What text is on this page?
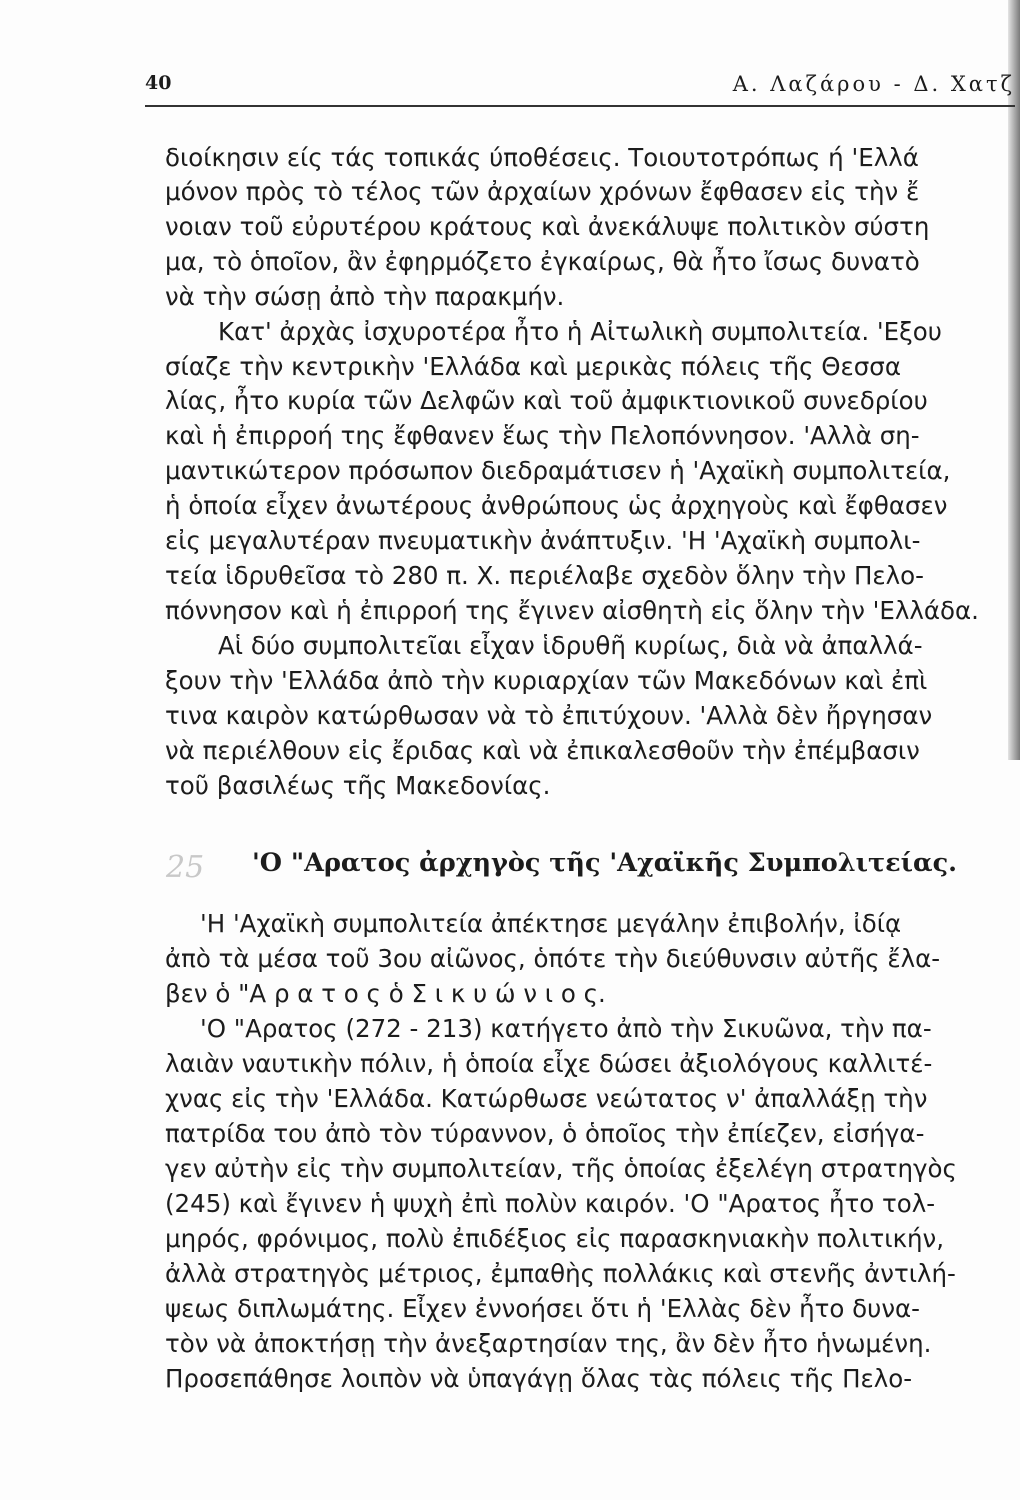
40	Α. Λαζάρου - Δ. Χατζ
διοίκησιν είς τάς τοπικάς ύποθέσεις. Τοιουτοτρόπως ή 'Ελλά
μόνον πρὸς τὸ τέλος τῶν ἀρχαίων χρόνων ἔφθασεν εἰς τὴν ἔ
νοιαν τοῦ εὐρυτέρου κράτους καὶ ἀνεκάλυψε πολιτικὸν σύστη
μα, τὸ ὁποῖον, ἂν ἐφηρμόζετο ἐγκαίρως, θὰ ἦτο ἴσως δυνατὸ
νὰ τὴν σώσῃ ἀπὸ τὴν παρακμήν.
Κατ' ἀρχὰς ἰσχυροτέρα ἦτο ἡ Αἰτωλικὴ συμπολιτεία. 'Εξου
σίαζε τὴν κεντρικὴν 'Ελλάδα καὶ μερικὰς πόλεις τῆς Θεσσα
λίας, ἦτο κυρία τῶν Δελφῶν καὶ τοῦ ἀμφικτιονικοῦ συνεδρίου
καὶ ἡ ἐπιρροή της ἔφθανεν ἕως τὴν Πελοπόννησον. 'Αλλὰ ση-
μαντικώτερον πρόσωπον διεδραμάτισεν ἡ 'Αχαϊκὴ συμπολιτεία,
ἡ ὁποία εἶχεν ἀνωτέρους ἀνθρώπους ὡς ἀρχηγοὺς καὶ ἔφθασεν
εἰς μεγαλυτέραν πνευματικὴν ἀνάπτυξιν. 'Η 'Αχαϊκὴ συμπολι-
τεία ἱδρυθεῖσα τὸ 280 π. Χ. περιέλαβε σχεδὸν ὅλην τὴν Πελο-
πόννησον καὶ ἡ ἐπιρροή της ἔγινεν αἰσθητὴ εἰς ὅλην τὴν 'Ελλάδα.
Αἱ δύο συμπολιτεῖαι εἶχαν ἱδρυθῆ κυρίως, διὰ νὰ ἀπαλλά-
ξουν τὴν 'Ελλάδα ἀπὸ τὴν κυριαρχίαν τῶν Μακεδόνων καὶ ἐπὶ
τινα καιρὸν κατώρθωσαν νὰ τὸ ἐπιτύχουν. 'Αλλὰ δὲν ἤργησαν
νὰ περιέλθουν εἰς ἔριδας καὶ νὰ ἐπικαλεσθοῦν τὴν ἐπέμβασιν
τοῦ βασιλέως τῆς Μακεδονίας.
25 'Ο "Αρατος ἀρχηγὸς τῆς 'Αχαϊκῆς Συμπολιτείας.
'Η 'Αχαϊκὴ συμπολιτεία ἀπέκτησε μεγάλην ἐπιβολήν, ἰδίᾳ
ἀπὸ τὰ μέσα τοῦ 3ου αἰῶνος, ὁπότε τὴν διεύθυνσιν αὐτῆς ἔλα-
βεν ὁ "Α ρ α τ ο ς ὁ Σ ι κ υ ώ ν ι ο ς.
'Ο "Αρατος (272 - 213) κατήγετο ἀπὸ τὴν Σικυῶνα, τὴν πα-
λαιὰν ναυτικὴν πόλιν, ἡ ὁποία εἶχε δώσει ἀξιολόγους καλλιτέ-
χνας εἰς τὴν 'Ελλάδα. Κατώρθωσε νεώτατος ν' ἀπαλλάξῃ τὴν
πατρίδα του ἀπὸ τὸν τύραννον, ὁ ὁποῖος τὴν ἐπίεζεν, εἰσήγα-
γεν αὐτὴν εἰς τὴν συμπολιτείαν, τῆς ὁποίας ἐξελέγη στρατηγὸς
(245) καὶ ἔγινεν ἡ ψυχὴ ἐπὶ πολὺν καιρόν. 'Ο "Αρατος ἦτο τολ-
μηρός, φρόνιμος, πολὺ ἐπιδέξιος εἰς παρασκηνιακὴν πολιτικήν,
ἀλλὰ στρατηγὸς μέτριος, ἐμπαθὴς πολλάκις καὶ στενῆς ἀντιλή-
ψεως διπλωμάτης. Εἶχεν ἐννοήσει ὅτι ἡ 'Ελλὰς δὲν ἦτο δυνα-
τὸν νὰ ἀποκτήσῃ τὴν ἀνεξαρτησίαν της, ἂν δὲν ἦτο ἡνωμένη.
Προσεπάθησε λοιπὸν νὰ ὑπαγάγῃ ὅλας τὰς πόλεις τῆς Πελο-
